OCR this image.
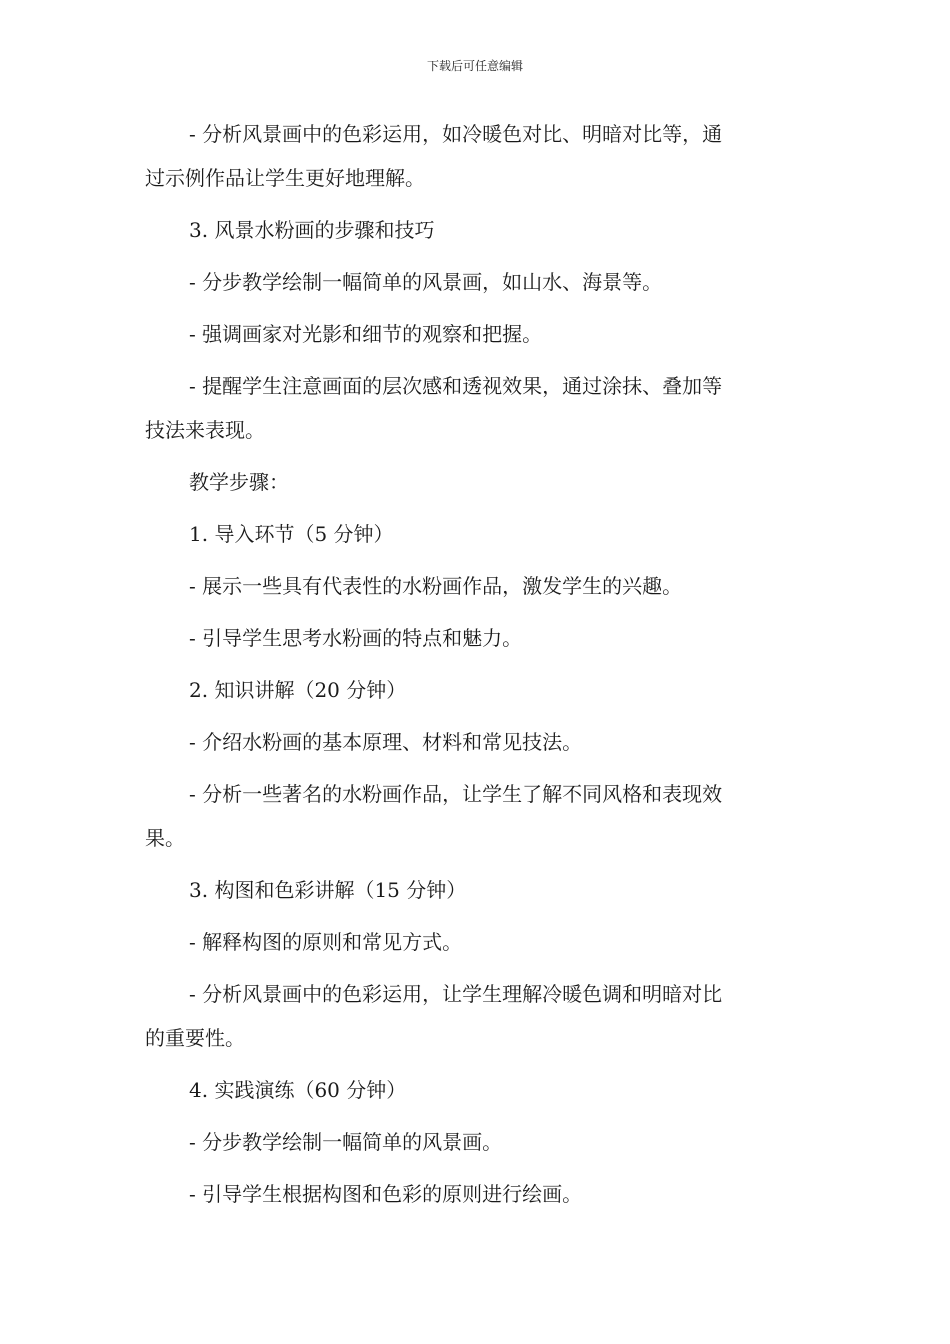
下载后可任意编辑
- 分析风景画中的色彩运用，如冷暖色对比、明暗对比等，通
过示例作品让学生更好地理解。
3. 风景水粉画的步骤和技巧
- 分步教学绘制一幅简单的风景画，如山水、海景等。
- 强调画家对光影和细节的观察和把握。
- 提醒学生注意画面的层次感和透视效果，通过涂抹、叠加等
技法来表现。
教学步骤：
1. 导入环节（5 分钟）
- 展示一些具有代表性的水粉画作品，激发学生的兴趣。
- 引导学生思考水粉画的特点和魅力。
2. 知识讲解（20 分钟）
- 介绍水粉画的基本原理、材料和常见技法。
- 分析一些著名的水粉画作品，让学生了解不同风格和表现效
果。
3. 构图和色彩讲解（15 分钟）
- 解释构图的原则和常见方式。
- 分析风景画中的色彩运用，让学生理解冷暖色调和明暗对比
的重要性。
4. 实践演练（60 分钟）
- 分步教学绘制一幅简单的风景画。
- 引导学生根据构图和色彩的原则进行绘画。
